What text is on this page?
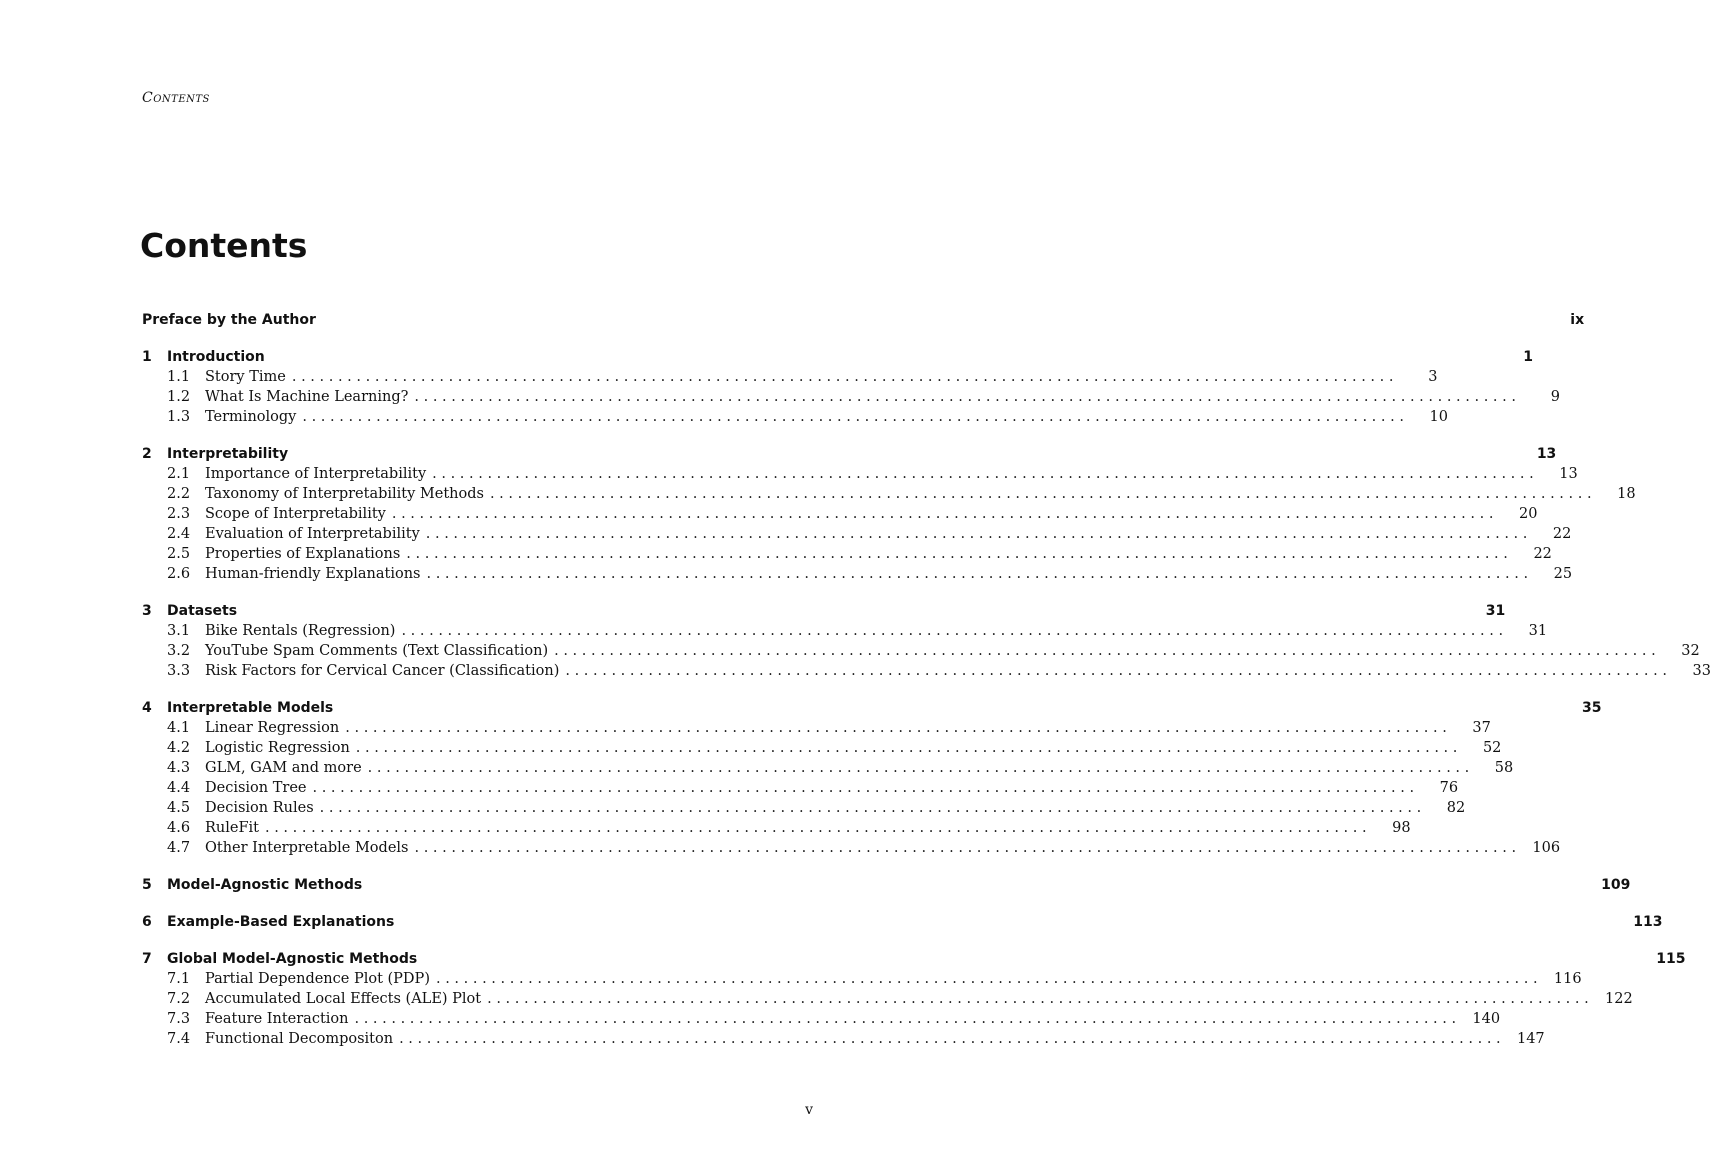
Contents
Contents
Preface by the Author	ix
1	Introduction	1
1.1	Story Time . . . . . . . . . . . . . . . . . . . . . . . . . . . . . . . . . . . . . . . . . . . . . . . . . . . . . . . . . . . . . . . . . . . . . . . . . . . . . . . . . . . . . . . . . . . . . . . . . . . . . . . . . . . . . . . . . . . . . . . .	3
1.2	What Is Machine Learning? . . . . . . . . . . . . . . . . . . . . . . . . . . . . . . . . . . . . . . . . . . . . . . . . . . . . . . . . . . . . . . . . . . . . . . . . . . . . . . . . . . . . . . . . . . . . . . . . . . . . . . . . . . . . . . . . . . . . . . . .	9
1.3	Terminology . . . . . . . . . . . . . . . . . . . . . . . . . . . . . . . . . . . . . . . . . . . . . . . . . . . . . . . . . . . . . . . . . . . . . . . . . . . . . . . . . . . . . . . . . . . . . . . . . . . . . . . . . . . . . . . . . . . . . . . .	10
2	Interpretability	13
2.1	Importance of Interpretability . . . . . . . . . . . . . . . . . . . . . . . . . . . . . . . . . . . . . . . . . . . . . . . . . . . . . . . . . . . . . . . . . . . . . . . . . . . . . . . . . . . . . . . . . . . . . . . . . . . . . . . . . . . . . . . . . . . . . . . .	13
2.2	Taxonomy of Interpretability Methods . . . . . . . . . . . . . . . . . . . . . . . . . . . . . . . . . . . . . . . . . . . . . . . . . . . . . . . . . . . . . . . . . . . . . . . . . . . . . . . . . . . . . . . . . . . . . . . . . . . . . . . . . . . . . . . . . . . . . . . .	18
2.3	Scope of Interpretability . . . . . . . . . . . . . . . . . . . . . . . . . . . . . . . . . . . . . . . . . . . . . . . . . . . . . . . . . . . . . . . . . . . . . . . . . . . . . . . . . . . . . . . . . . . . . . . . . . . . . . . . . . . . . . . . . . . . . . . .	20
2.4	Evaluation of Interpretability . . . . . . . . . . . . . . . . . . . . . . . . . . . . . . . . . . . . . . . . . . . . . . . . . . . . . . . . . . . . . . . . . . . . . . . . . . . . . . . . . . . . . . . . . . . . . . . . . . . . . . . . . . . . . . . . . . . . . . . .	22
2.5	Properties of Explanations . . . . . . . . . . . . . . . . . . . . . . . . . . . . . . . . . . . . . . . . . . . . . . . . . . . . . . . . . . . . . . . . . . . . . . . . . . . . . . . . . . . . . . . . . . . . . . . . . . . . . . . . . . . . . . . . . . . . . . . .	22
2.6	Human-friendly Explanations . . . . . . . . . . . . . . . . . . . . . . . . . . . . . . . . . . . . . . . . . . . . . . . . . . . . . . . . . . . . . . . . . . . . . . . . . . . . . . . . . . . . . . . . . . . . . . . . . . . . . . . . . . . . . . . . . . . . . . . .	25
3	Datasets	31
3.1	Bike Rentals (Regression) . . . . . . . . . . . . . . . . . . . . . . . . . . . . . . . . . . . . . . . . . . . . . . . . . . . . . . . . . . . . . . . . . . . . . . . . . . . . . . . . . . . . . . . . . . . . . . . . . . . . . . . . . . . . . . . . . . . . . . . .	31
3.2	YouTube Spam Comments (Text Classification) . . . . . . . . . . . . . . . . . . . . . . . . . . . . . . . . . . . . . . . . . . . . . . . . . . . . . . . . . . . . . . . . . . . . . . . . . . . . . . . . . . . . . . . . . . . . . . . . . . . . . . . . . . . . . . . . . . . . . . . .	32
3.3	Risk Factors for Cervical Cancer (Classification) . . . . . . . . . . . . . . . . . . . . . . . . . . . . . . . . . . . . . . . . . . . . . . . . . . . . . . . . . . . . . . . . . . . . . . . . . . . . . . . . . . . . . . . . . . . . . . . . . . . . . . . . . . . . . . . . . . . . . . . .	33
4	Interpretable Models	35
4.1	Linear Regression . . . . . . . . . . . . . . . . . . . . . . . . . . . . . . . . . . . . . . . . . . . . . . . . . . . . . . . . . . . . . . . . . . . . . . . . . . . . . . . . . . . . . . . . . . . . . . . . . . . . . . . . . . . . . . . . . . . . . . . .	37
4.2	Logistic Regression . . . . . . . . . . . . . . . . . . . . . . . . . . . . . . . . . . . . . . . . . . . . . . . . . . . . . . . . . . . . . . . . . . . . . . . . . . . . . . . . . . . . . . . . . . . . . . . . . . . . . . . . . . . . . . . . . . . . . . . .	52
4.3	GLM, GAM and more . . . . . . . . . . . . . . . . . . . . . . . . . . . . . . . . . . . . . . . . . . . . . . . . . . . . . . . . . . . . . . . . . . . . . . . . . . . . . . . . . . . . . . . . . . . . . . . . . . . . . . . . . . . . . . . . . . . . . . . .	58
4.4	Decision Tree . . . . . . . . . . . . . . . . . . . . . . . . . . . . . . . . . . . . . . . . . . . . . . . . . . . . . . . . . . . . . . . . . . . . . . . . . . . . . . . . . . . . . . . . . . . . . . . . . . . . . . . . . . . . . . . . . . . . . . . .	76
4.5	Decision Rules . . . . . . . . . . . . . . . . . . . . . . . . . . . . . . . . . . . . . . . . . . . . . . . . . . . . . . . . . . . . . . . . . . . . . . . . . . . . . . . . . . . . . . . . . . . . . . . . . . . . . . . . . . . . . . . . . . . . . . . .	82
4.6	RuleFit . . . . . . . . . . . . . . . . . . . . . . . . . . . . . . . . . . . . . . . . . . . . . . . . . . . . . . . . . . . . . . . . . . . . . . . . . . . . . . . . . . . . . . . . . . . . . . . . . . . . . . . . . . . . . . . . . . . . . . . .	98
4.7	Other Interpretable Models . . . . . . . . . . . . . . . . . . . . . . . . . . . . . . . . . . . . . . . . . . . . . . . . . . . . . . . . . . . . . . . . . . . . . . . . . . . . . . . . . . . . . . . . . . . . . . . . . . . . . . . . . . . . . . . . . . . . . . . .	106
5	Model-Agnostic Methods	109
6	Example-Based Explanations	113
7	Global Model-Agnostic Methods	115
7.1	Partial Dependence Plot (PDP) . . . . . . . . . . . . . . . . . . . . . . . . . . . . . . . . . . . . . . . . . . . . . . . . . . . . . . . . . . . . . . . . . . . . . . . . . . . . . . . . . . . . . . . . . . . . . . . . . . . . . . . . . . . . . . . . . . . . . . . .	116
7.2	Accumulated Local Effects (ALE) Plot . . . . . . . . . . . . . . . . . . . . . . . . . . . . . . . . . . . . . . . . . . . . . . . . . . . . . . . . . . . . . . . . . . . . . . . . . . . . . . . . . . . . . . . . . . . . . . . . . . . . . . . . . . . . . . . . . . . . . . . .	122
7.3	Feature Interaction . . . . . . . . . . . . . . . . . . . . . . . . . . . . . . . . . . . . . . . . . . . . . . . . . . . . . . . . . . . . . . . . . . . . . . . . . . . . . . . . . . . . . . . . . . . . . . . . . . . . . . . . . . . . . . . . . . . . . . . .	140
7.4	Functional Decompositon . . . . . . . . . . . . . . . . . . . . . . . . . . . . . . . . . . . . . . . . . . . . . . . . . . . . . . . . . . . . . . . . . . . . . . . . . . . . . . . . . . . . . . . . . . . . . . . . . . . . . . . . . . . . . . . . . . . . . . . .	147
v
